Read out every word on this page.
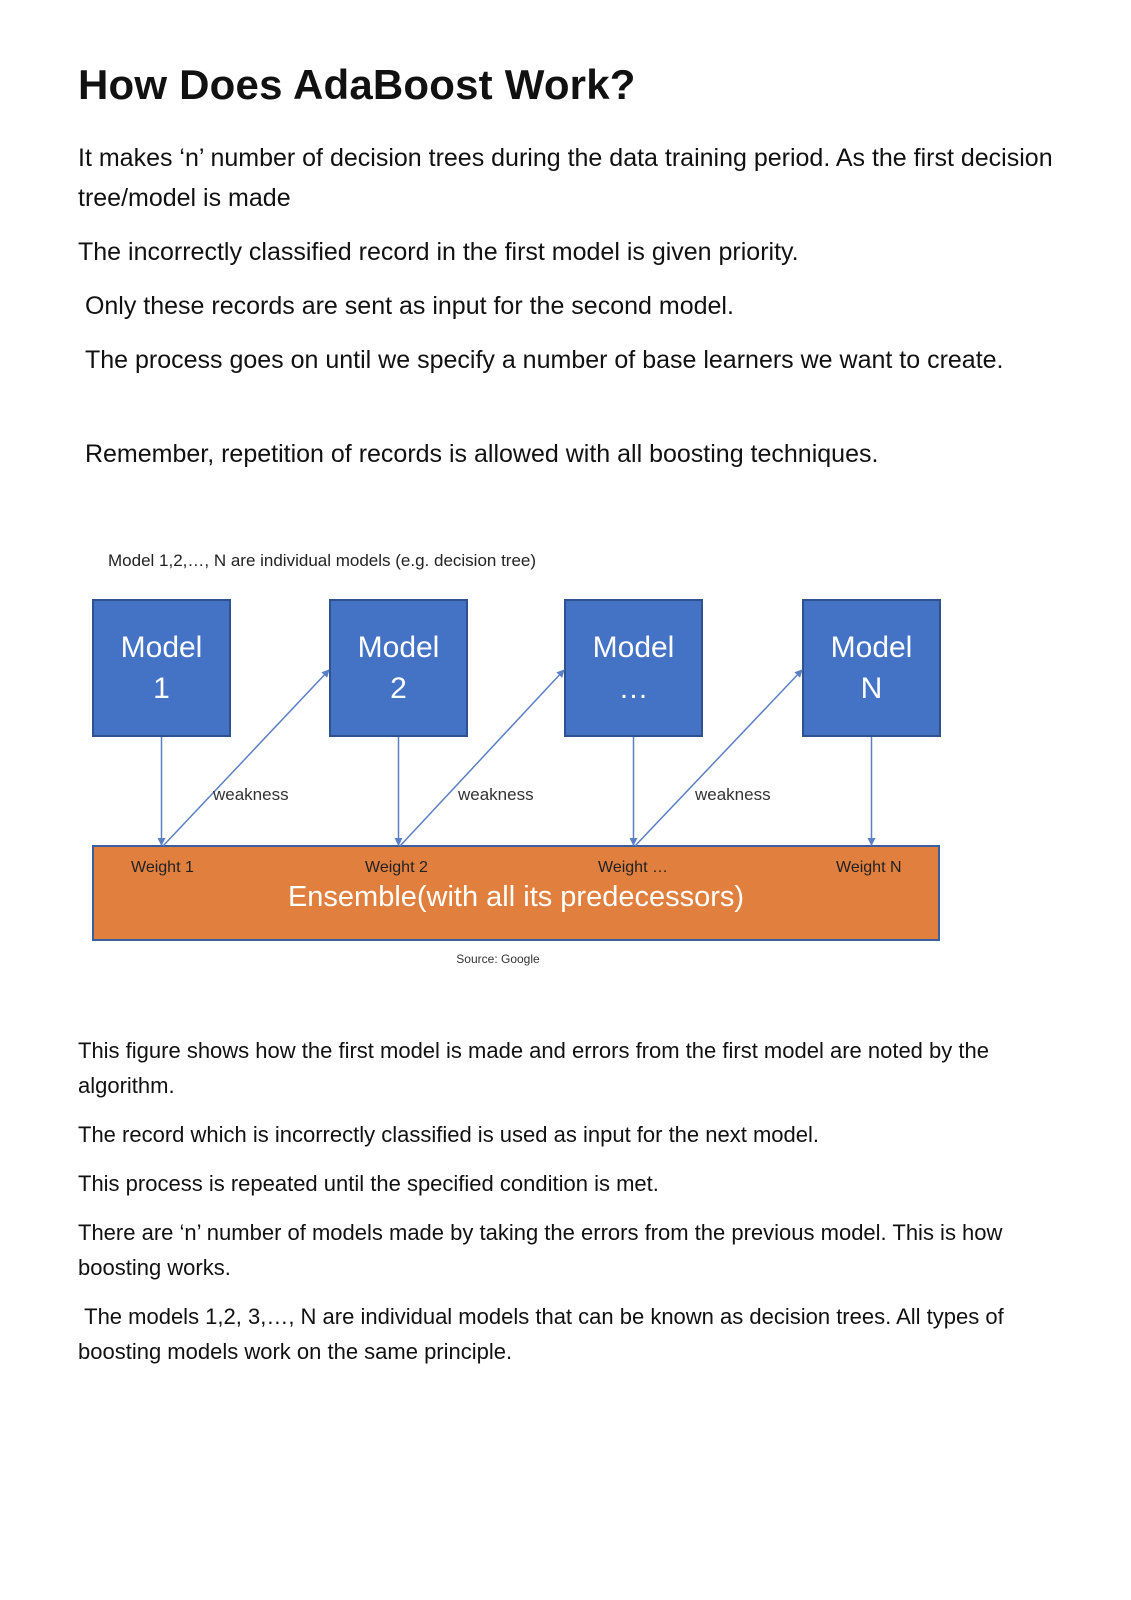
How Does AdaBoost Work?

It makes ‘n’ number of decision trees during the data training period. As the first decision tree/model is made

The incorrectly classified record in the first model is given priority.

Only these records are sent as input for the second model.

The process goes on until we specify a number of base learners we want to create.

Remember, repetition of records is allowed with all boosting techniques.

Model 1,2,…, N are individual models (e.g. decision tree)
Model
1
Model
2
Model
…
Model
N
weakness	weakness	weakness
Weight 1	Weight 2	Weight …	Weight N
Ensemble(with all its predecessors)
Source: Google

This figure shows how the first model is made and errors from the first model are noted by the algorithm.

The record which is incorrectly classified is used as input for the next model.

This process is repeated until the specified condition is met.

There are ‘n’ number of models made by taking the errors from the previous model. This is how boosting works.

The models 1,2, 3,…, N are individual models that can be known as decision trees. All types of boosting models work on the same principle.
